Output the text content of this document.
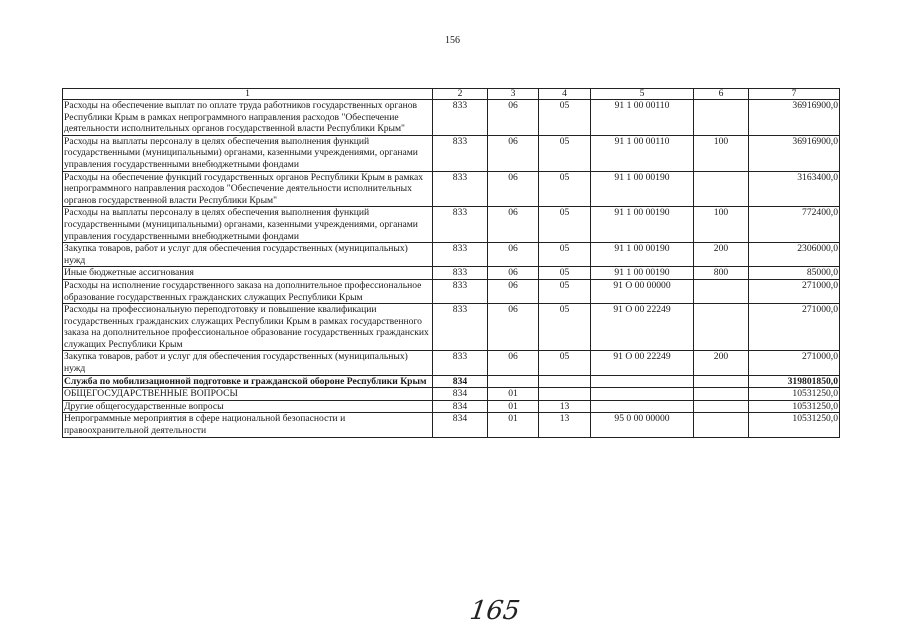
156
1	2	3	4	5	6	7
Расходы на обеспечение выплат по оплате труда работников государственных органов Республики Крым в рамках непрограммного направления расходов "Обеспечение деятельности исполнительных органов государственной власти Республики Крым"	833	06	05	91 1 00 00110		36916900,0
Расходы на выплаты персоналу в целях обеспечения выполнения функций государственными (муниципальными) органами, казенными учреждениями, органами управления государственными внебюджетными фондами	833	06	05	91 1 00 00110	100	36916900,0
Расходы на обеспечение функций государственных органов Республики Крым в рамках непрограммного направления расходов "Обеспечение деятельности исполнительных органов государственной власти Республики Крым"	833	06	05	91 1 00 00190		3163400,0
Расходы на выплаты персоналу в целях обеспечения выполнения функций государственными (муниципальными) органами, казенными учреждениями, органами управления государственными внебюджетными фондами	833	06	05	91 1 00 00190	100	772400,0
Закупка товаров, работ и услуг для обеспечения государственных (муниципальных) нужд	833	06	05	91 1 00 00190	200	2306000,0
Иные бюджетные ассигнования	833	06	05	91 1 00 00190	800	85000,0
Расходы на исполнение государственного заказа на дополнительное профессиональное образование государственных гражданских служащих Республики Крым	833	06	05	91 О 00 00000		271000,0
Расходы на профессиональную переподготовку и повышение квалификации государственных гражданских служащих Республики Крым в рамках государственного заказа на дополнительное профессиональное образование государственных гражданских служащих Республики Крым	833	06	05	91 О 00 22249		271000,0
Закупка товаров, работ и услуг для обеспечения государственных (муниципальных) нужд	833	06	05	91 О 00 22249	200	271000,0
Служба по мобилизационной подготовке и гражданской обороне Республики Крым	834					319801850,0
ОБЩЕГОСУДАРСТВЕННЫЕ ВОПРОСЫ	834	01				10531250,0
Другие общегосударственные вопросы	834	01	13			10531250,0
Непрограммные мероприятия в сфере национальной безопасности и правоохранительной деятельности	834	01	13	95 0 00 00000		10531250,0
165
